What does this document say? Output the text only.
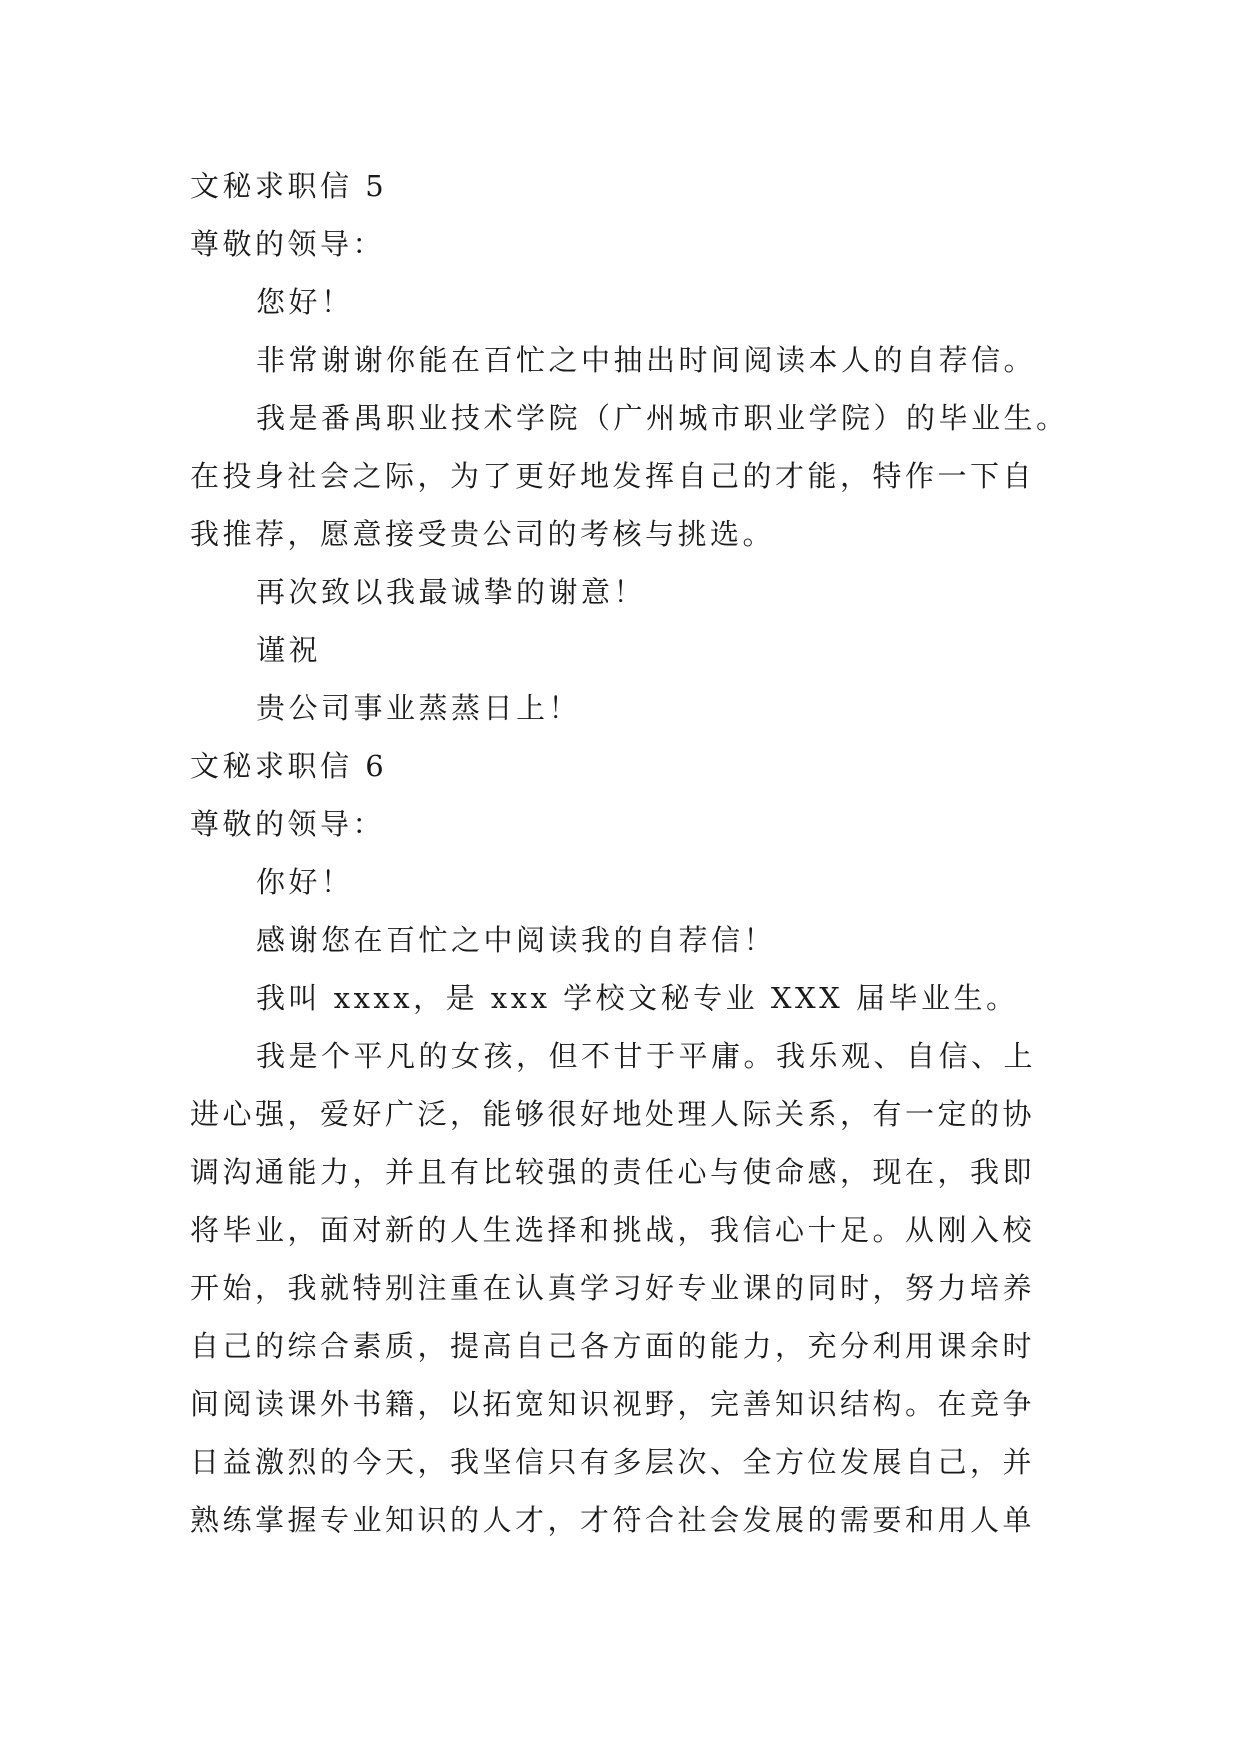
文秘求职信 5
尊敬的领导：
您好！
非常谢谢你能在百忙之中抽出时间阅读本人的自荐信。
我是番禺职业技术学院（广州城市职业学院）的毕业生。
在投身社会之际，为了更好地发挥自己的才能，特作一下自
我推荐，愿意接受贵公司的考核与挑选。
再次致以我最诚挚的谢意！
谨祝
贵公司事业蒸蒸日上！
文秘求职信 6
尊敬的领导：
你好！
感谢您在百忙之中阅读我的自荐信！
我叫 xxxx，是 xxx 学校文秘专业 XXX 届毕业生。
我是个平凡的女孩，但不甘于平庸。我乐观、自信、上
进心强，爱好广泛，能够很好地处理人际关系，有一定的协
调沟通能力，并且有比较强的责任心与使命感，现在，我即
将毕业，面对新的人生选择和挑战，我信心十足。从刚入校
开始，我就特别注重在认真学习好专业课的同时，努力培养
自己的综合素质，提高自己各方面的能力，充分利用课余时
间阅读课外书籍，以拓宽知识视野，完善知识结构。在竞争
日益激烈的今天，我坚信只有多层次、全方位发展自己，并
熟练掌握专业知识的人才，才符合社会发展的需要和用人单
